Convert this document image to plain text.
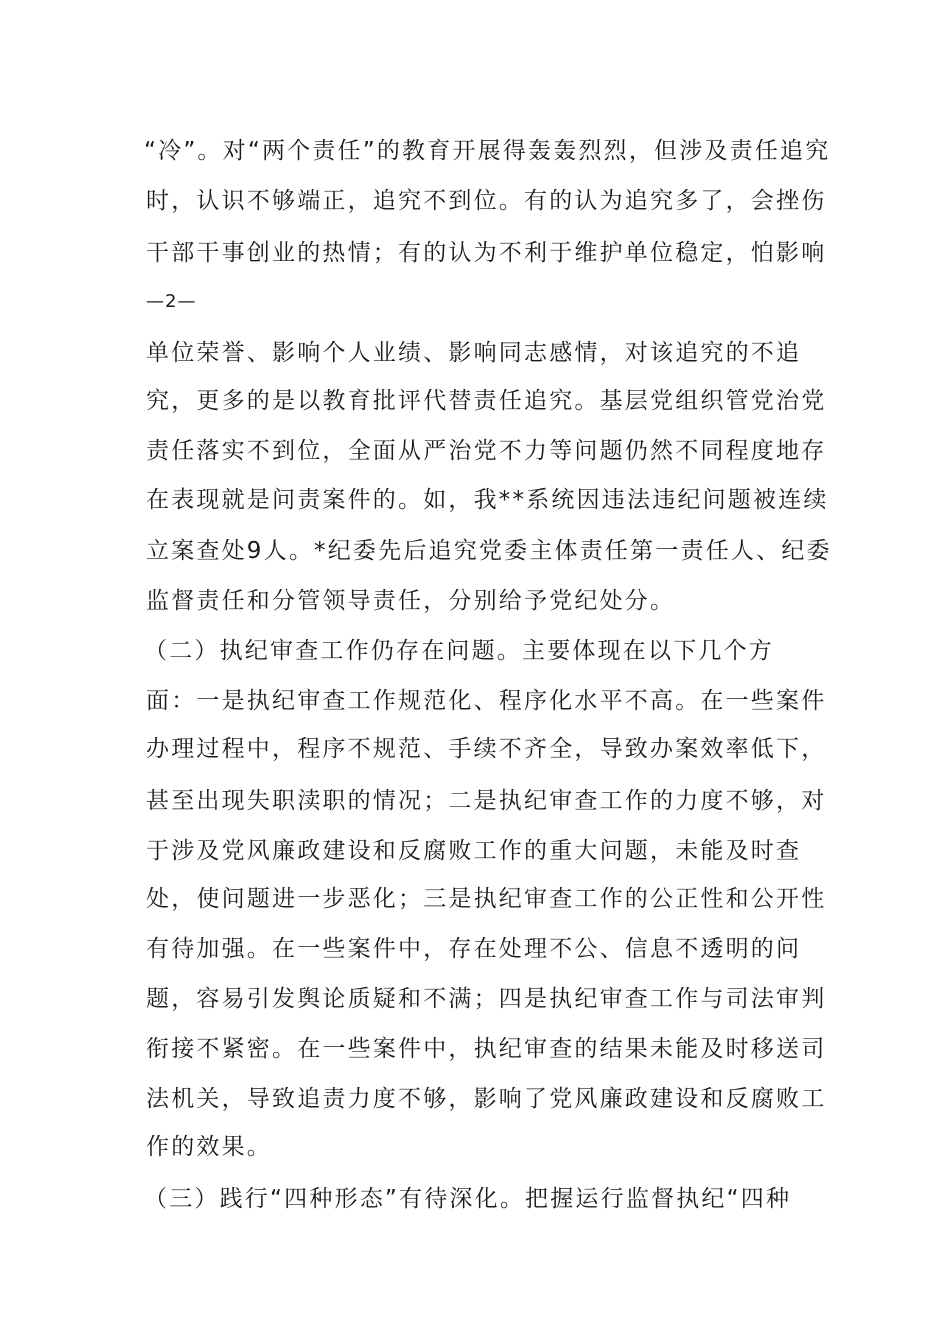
“冷”。对“两个责任”的教育开展得轰轰烈烈，但涉及责任追究
时，认识不够端正，追究不到位。有的认为追究多了，会挫伤
干部干事创业的热情；有的认为不利于维护单位稳定，怕影响
—2—
单位荣誉、影响个人业绩、影响同志感情，对该追究的不追
究，更多的是以教育批评代替责任追究。基层党组织管党治党
责任落实不到位，全面从严治党不力等问题仍然不同程度地存
在表现就是问责案件的。如，我**系统因违法违纪问题被连续
立案查处9人。*纪委先后追究党委主体责任第一责任人、纪委
监督责任和分管领导责任，分别给予党纪处分。
（二）执纪审查工作仍存在问题。主要体现在以下几个方
面：一是执纪审查工作规范化、程序化水平不高。在一些案件
办理过程中，程序不规范、手续不齐全，导致办案效率低下，
甚至出现失职渎职的情况；二是执纪审查工作的力度不够，对
于涉及党风廉政建设和反腐败工作的重大问题，未能及时查
处，使问题进一步恶化；三是执纪审查工作的公正性和公开性
有待加强。在一些案件中，存在处理不公、信息不透明的问
题，容易引发舆论质疑和不满；四是执纪审查工作与司法审判
衔接不紧密。在一些案件中，执纪审查的结果未能及时移送司
法机关，导致追责力度不够，影响了党风廉政建设和反腐败工
作的效果。
（三）践行“四种形态”有待深化。把握运行监督执纪“四种
